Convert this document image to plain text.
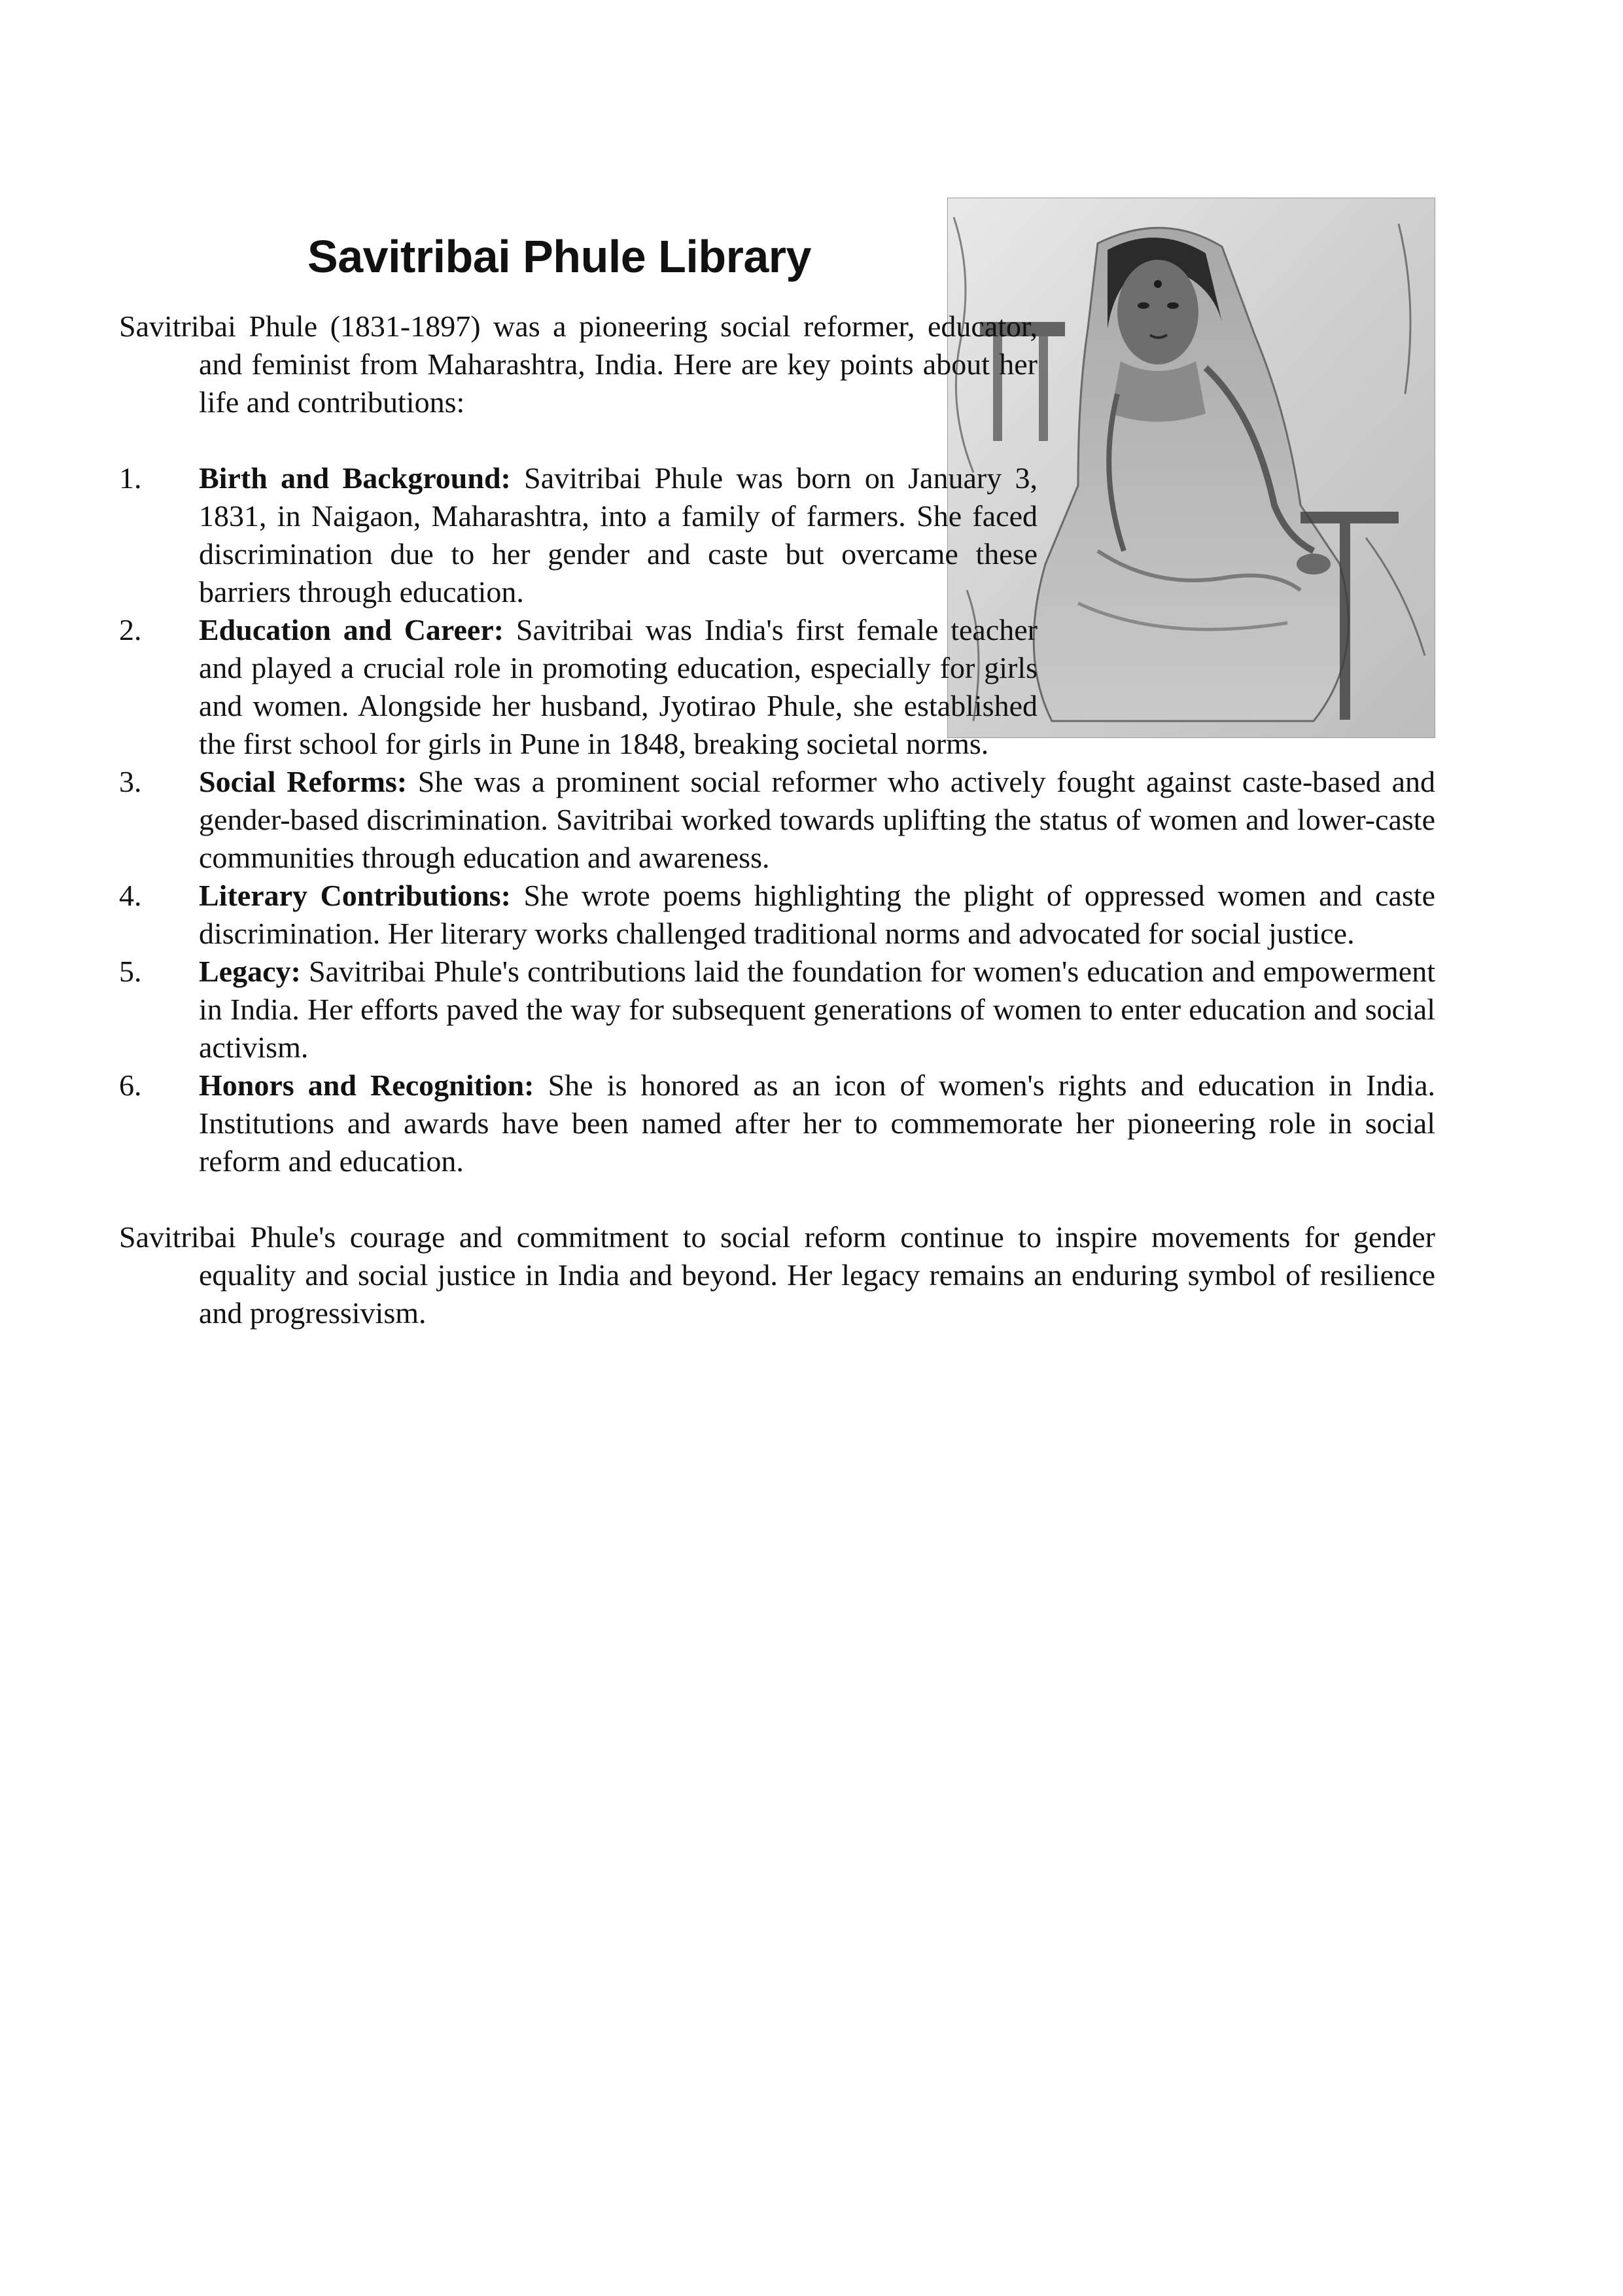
Savitribai Phule Library

Savitribai Phule (1831-1897) was a pioneering social reformer, educator, and feminist from Maharashtra, India. Here are key points about her life and contributions:

1. Birth and Background: Savitribai Phule was born on January 3, 1831, in Naigaon, Maharashtra, into a family of farmers. She faced discrimination due to her gender and caste but overcame these barriers through education.
2. Education and Career: Savitribai was India's first female teacher and played a crucial role in promoting education, especially for girls and women. Alongside her husband, Jyotirao Phule, she established the first school for girls in Pune in 1848, breaking societal norms.
3. Social Reforms: She was a prominent social reformer who actively fought against caste-based and gender-based discrimination. Savitribai worked towards uplifting the status of women and lower-caste communities through education and awareness.
4. Literary Contributions: She wrote poems highlighting the plight of oppressed women and caste discrimination. Her literary works challenged traditional norms and advocated for social justice.
5. Legacy: Savitribai Phule's contributions laid the foundation for women's education and empowerment in India. Her efforts paved the way for subsequent generations of women to enter education and social activism.
6. Honors and Recognition: She is honored as an icon of women's rights and education in India. Institutions and awards have been named after her to commemorate her pioneering role in social reform and education.

Savitribai Phule's courage and commitment to social reform continue to inspire movements for gender equality and social justice in India and beyond. Her legacy remains an enduring symbol of resilience and progressivism.
